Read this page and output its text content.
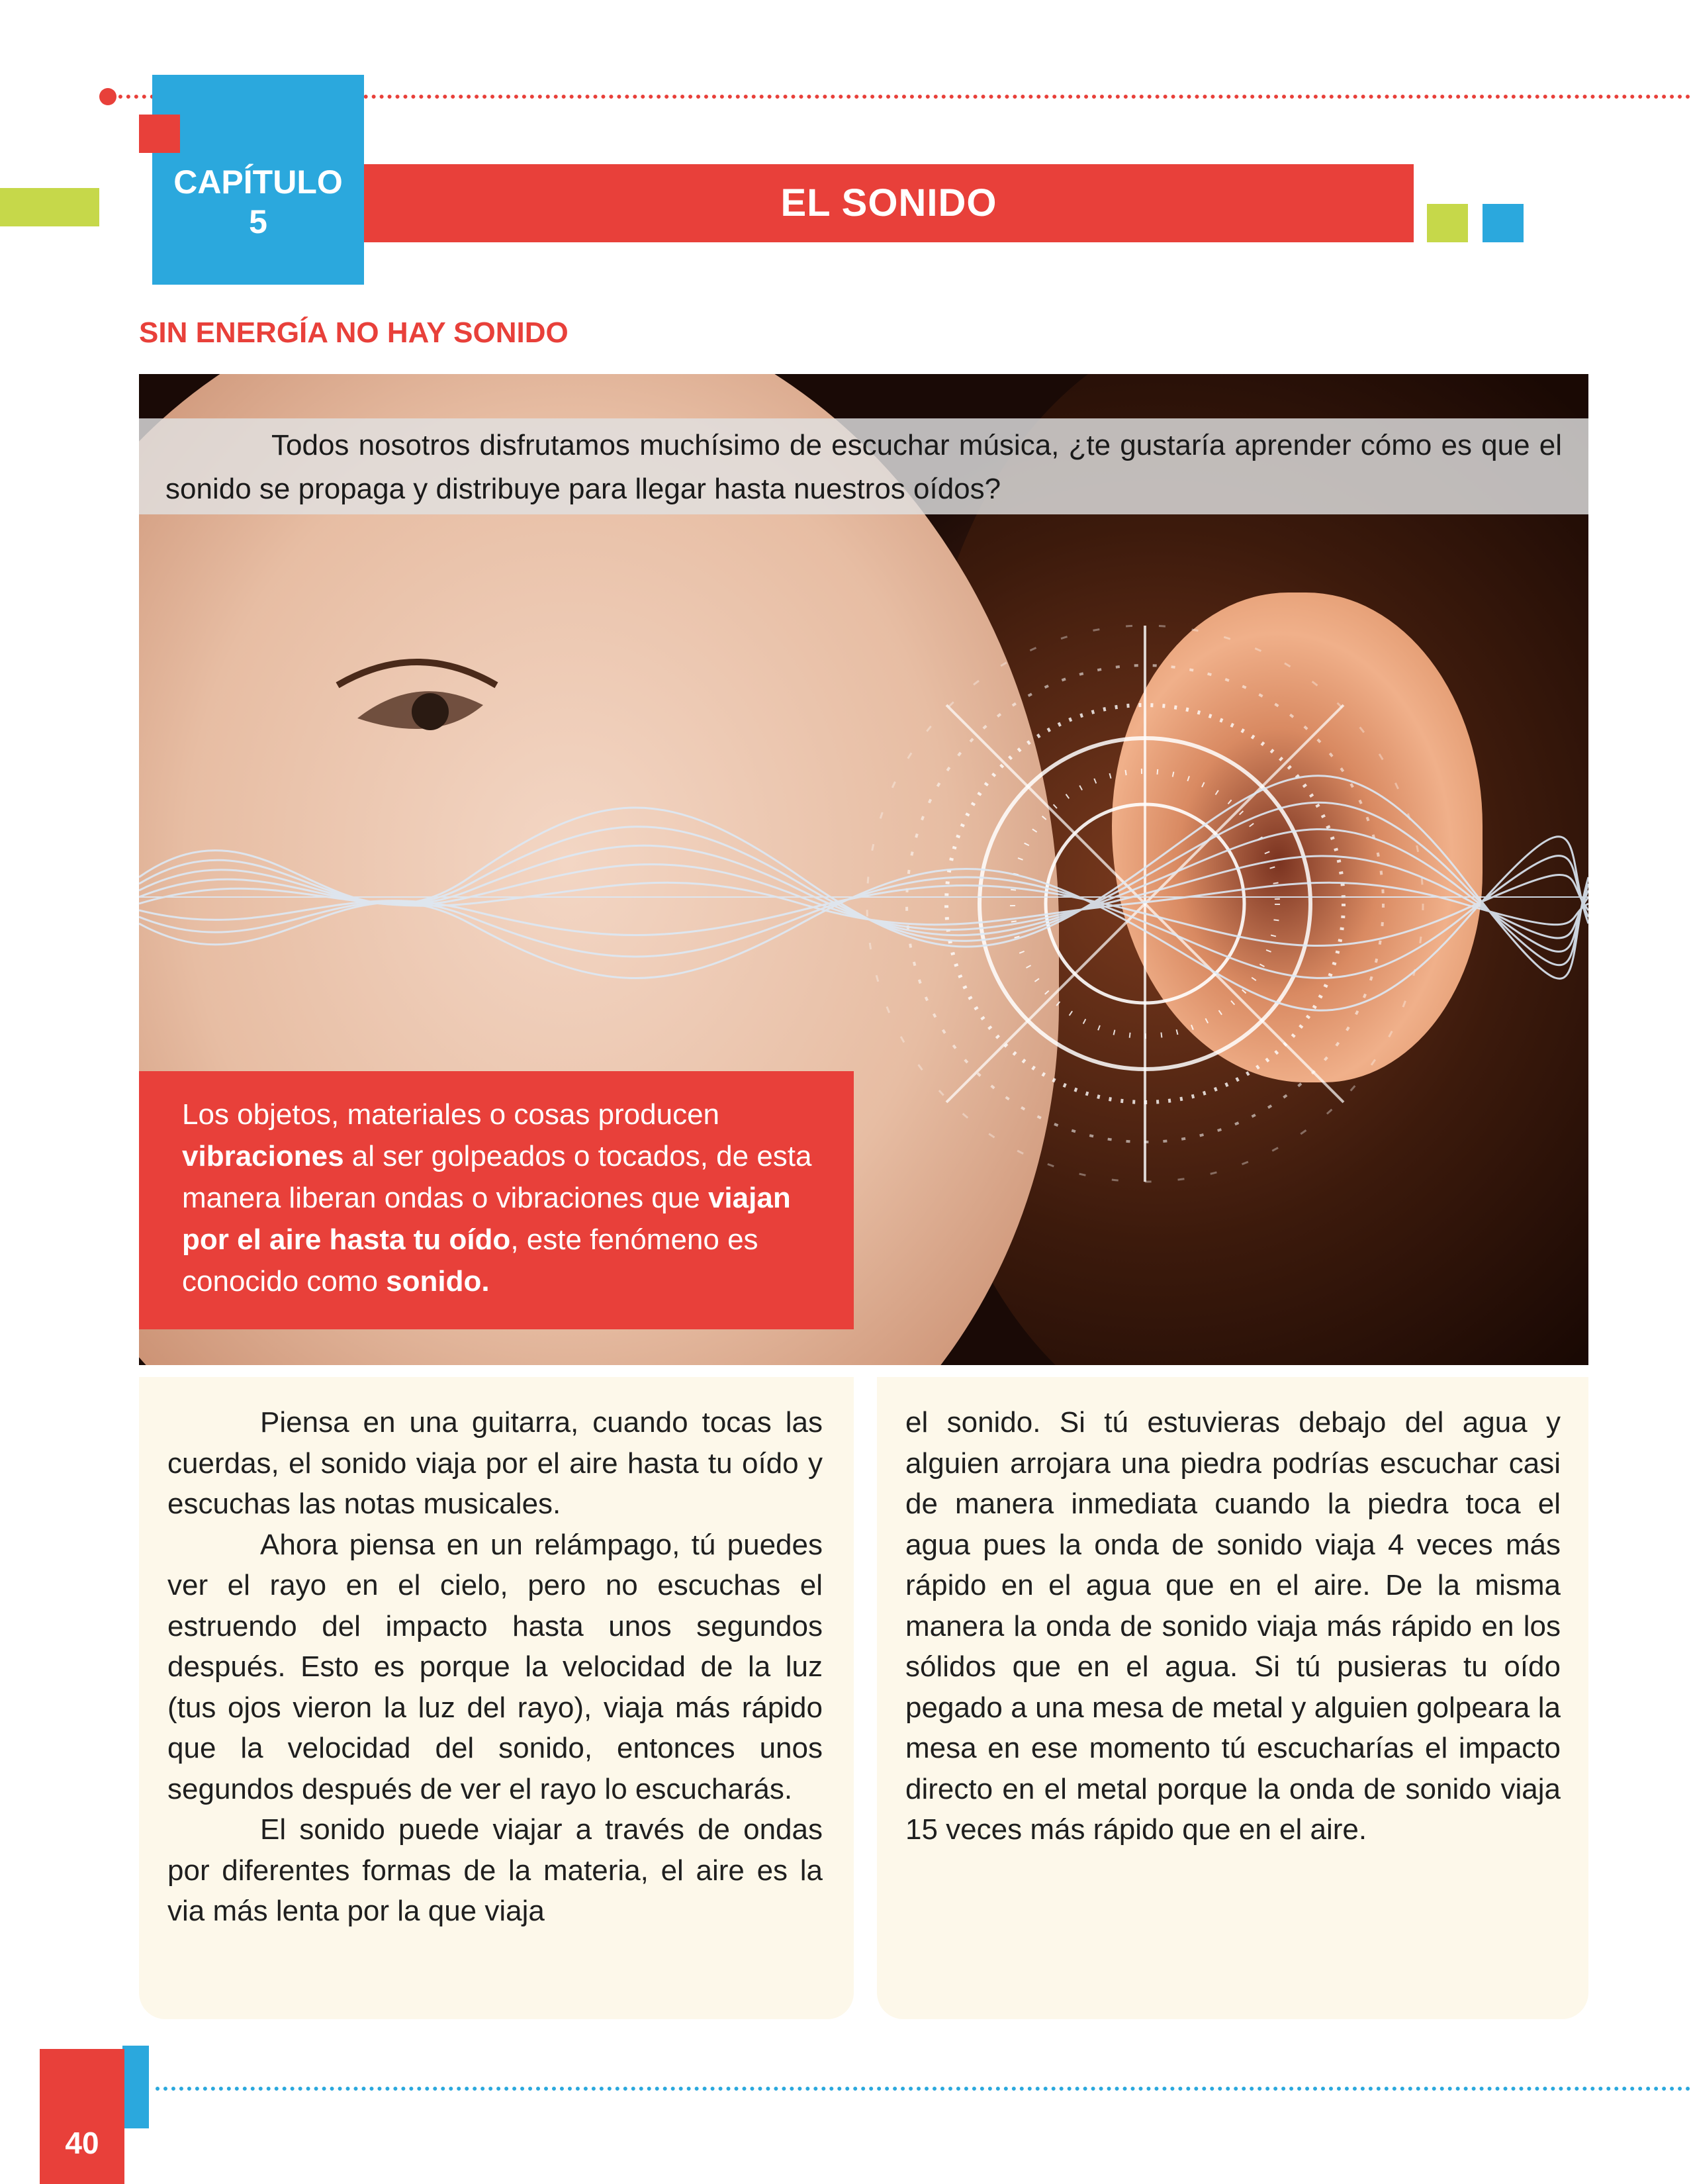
CAPÍTULO
5	EL SONIDO
SIN ENERGÍA NO HAY SONIDO
Todos nosotros disfrutamos muchísimo de escuchar música, ¿te gustaría aprender cómo es que el sonido se propaga y distribuye para llegar hasta nuestros oídos?
Los objetos, materiales o cosas producen vibraciones al ser golpeados o tocados, de esta manera liberan ondas o vibraciones que viajan por el aire hasta tu oído, este fenómeno es conocido como sonido.

Piensa en una guitarra, cuando tocas las cuerdas, el sonido viaja por el aire hasta tu oído y escuchas las notas musicales.

Ahora piensa en un relámpago, tú puedes ver el rayo en el cielo, pero no escuchas el estruendo del impacto hasta unos segundos después. Esto es porque la velocidad de la luz (tus ojos vieron la luz del rayo), viaja más rápido que la velocidad del sonido, entonces unos segundos después de ver el rayo lo escucharás.

El sonido puede viajar a través de ondas por diferentes formas de la materia, el aire es la via más lenta por la que viaja

el sonido. Si tú estuvieras debajo del agua y alguien arrojara una piedra podrías escuchar casi de manera inmediata cuando la piedra toca el agua pues la onda de sonido viaja 4 veces más rápido en el agua que en el aire. De la misma manera la onda de sonido viaja más rápido en los sólidos que en el agua. Si tú pusieras tu oído pegado a una mesa de metal y alguien golpeara la mesa en ese momento tú escucharías el impacto directo en el metal porque la onda de sonido viaja 15 veces más rápido que en el aire.

40
